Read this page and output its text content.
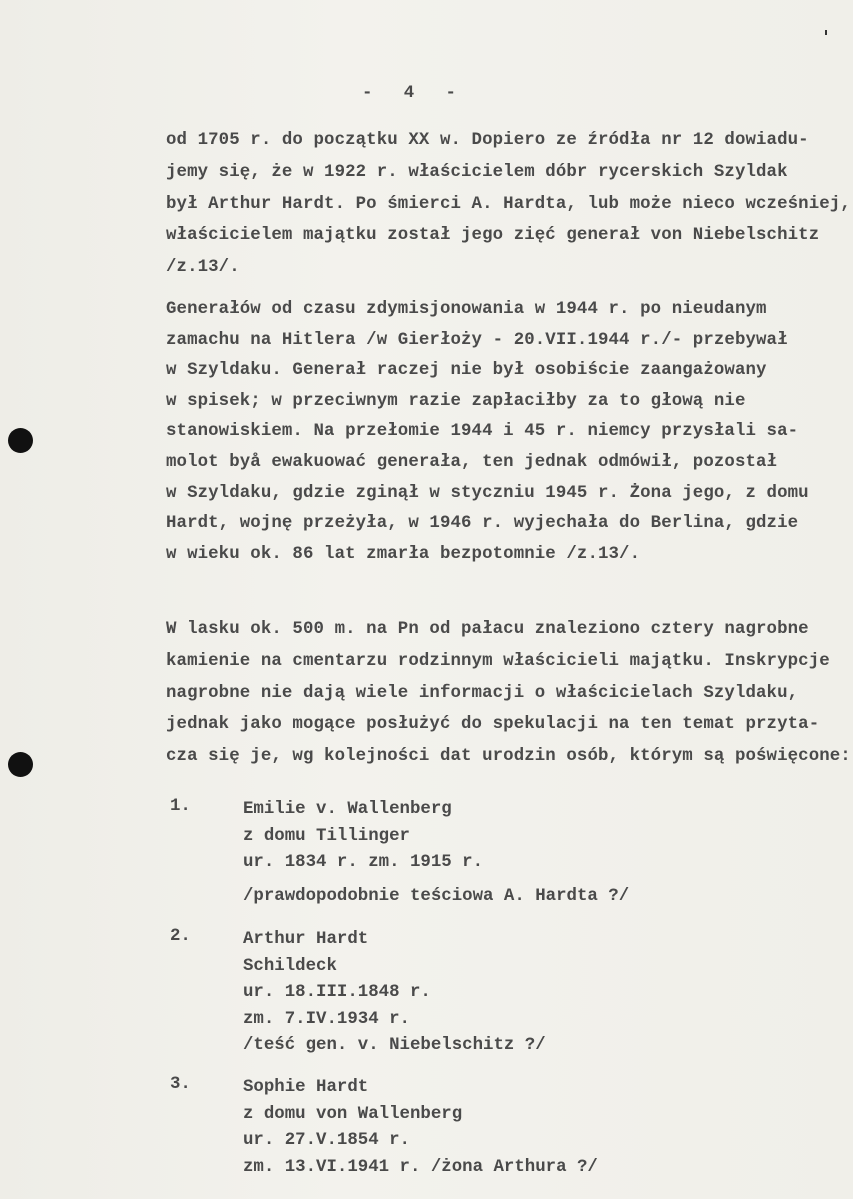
-   4   -
od 1705 r. do początku XX w. Dopiero ze źródła nr 12 dowiadu-
jemy się, że w 1922 r. właścicielem dóbr rycerskich Szyldak
był Arthur Hardt. Po śmierci A. Hardta, lub może nieco wcześniej,
właścicielem majątku został jego zięć generał von Niebelschitz
/z.13/.
Generałów od czasu zdymisjonowania w 1944 r. po nieudanym
zamachu na Hitlera /w Gierłoży - 20.VII.1944 r./- przebywał
w Szyldaku. Generał raczej nie był osobiście zaangażowany
w spisek; w przeciwnym razie zapłaciłby za to głową nie
stanowiskiem. Na przełomie 1944 i 45 r. niemcy przysłali sa-
molot byå ewakuować generała, ten jednak odmówił, pozostał
w Szyldaku, gdzie zginął w styczniu 1945 r. Żona jego, z domu
Hardt, wojnę przeżyła, w 1946 r. wyjechała do Berlina, gdzie
w wieku ok. 86 lat zmarła bezpotomnie /z.13/.
W lasku ok. 500 m. na Pn od pałacu znaleziono cztery nagrobne
kamienie na cmentarzu rodzinnym właścicieli majątku. Inskrypcje
nagrobne nie dają wiele informacji o właścicielach Szyldaku,
jednak jako mogące posłużyć do spekulacji na ten temat przyta-
cza się je, wg kolejności dat urodzin osób, którym są poświęcone:
1.	Emilie v. Wallenberg
z domu Tillinger
ur. 1834 r. zm. 1915 r.
/prawdopodobnie teściowa A. Hardta ?/
2.	Arthur Hardt
Schildeck
ur. 18.III.1848 r.
zm. 7.IV.1934 r.
/teść gen. v. Niebelschitz ?/
3.	Sophie Hardt
z domu von Wallenberg
ur. 27.V.1854 r.
zm. 13.VI.1941 r. /żona Arthura ?/
